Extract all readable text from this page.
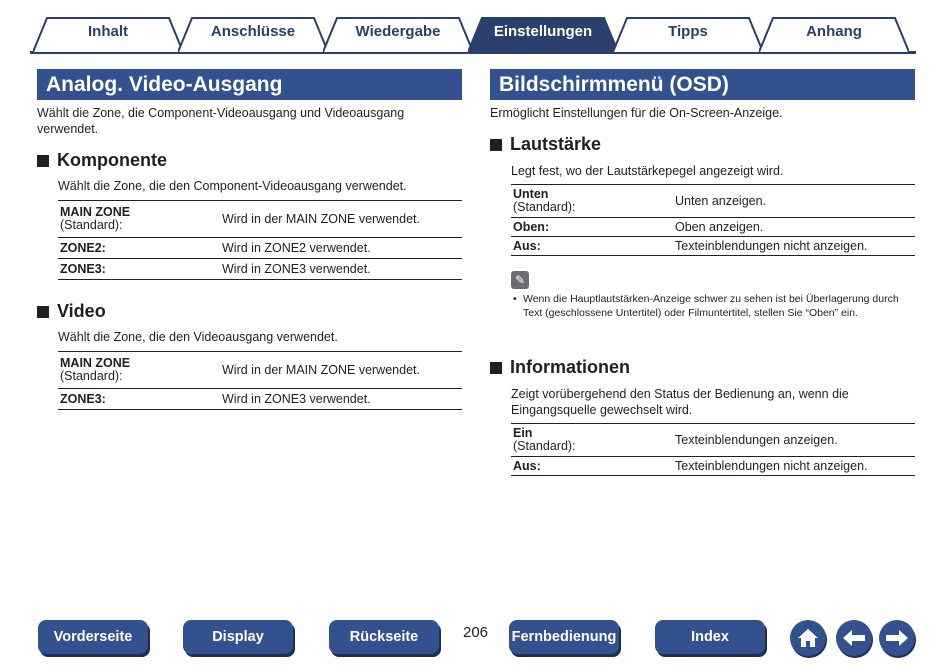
Inhalt	Anschlüsse	Wiedergabe	Einstellungen	Tipps	Anhang
Analog. Video-Ausgang
Wählt die Zone, die Component-Videoausgang und Videoausgang verwendet.
Komponente
Wählt die Zone, die den Component-Videoausgang verwendet.
MAIN ZONE
(Standard):	Wird in der MAIN ZONE verwendet.
ZONE2:	Wird in ZONE2 verwendet.
ZONE3:	Wird in ZONE3 verwendet.
Video
Wählt die Zone, die den Videoausgang verwendet.
MAIN ZONE
(Standard):	Wird in der MAIN ZONE verwendet.
ZONE3:	Wird in ZONE3 verwendet.
Bildschirmmenü (OSD)
Ermöglicht Einstellungen für die On-Screen-Anzeige.
Lautstärke
Legt fest, wo der Lautstärkepegel angezeigt wird.
Unten
(Standard):	Unten anzeigen.
Oben:	Oben anzeigen.
Aus:	Texteinblendungen nicht anzeigen.
✎
• Wenn die Hauptlautstärken-Anzeige schwer zu sehen ist bei Überlagerung durch Text (geschlossene Untertitel) oder Filmuntertitel, stellen Sie “Oben” ein.

Informationen
Zeigt vorübergehend den Status der Bedienung an, wenn die Eingangsquelle gewechselt wird.
Ein
(Standard):	Texteinblendungen anzeigen.
Aus:	Texteinblendungen nicht anzeigen.
Vorderseite	Display	Rückseite	206 Fernbedienung	Index
